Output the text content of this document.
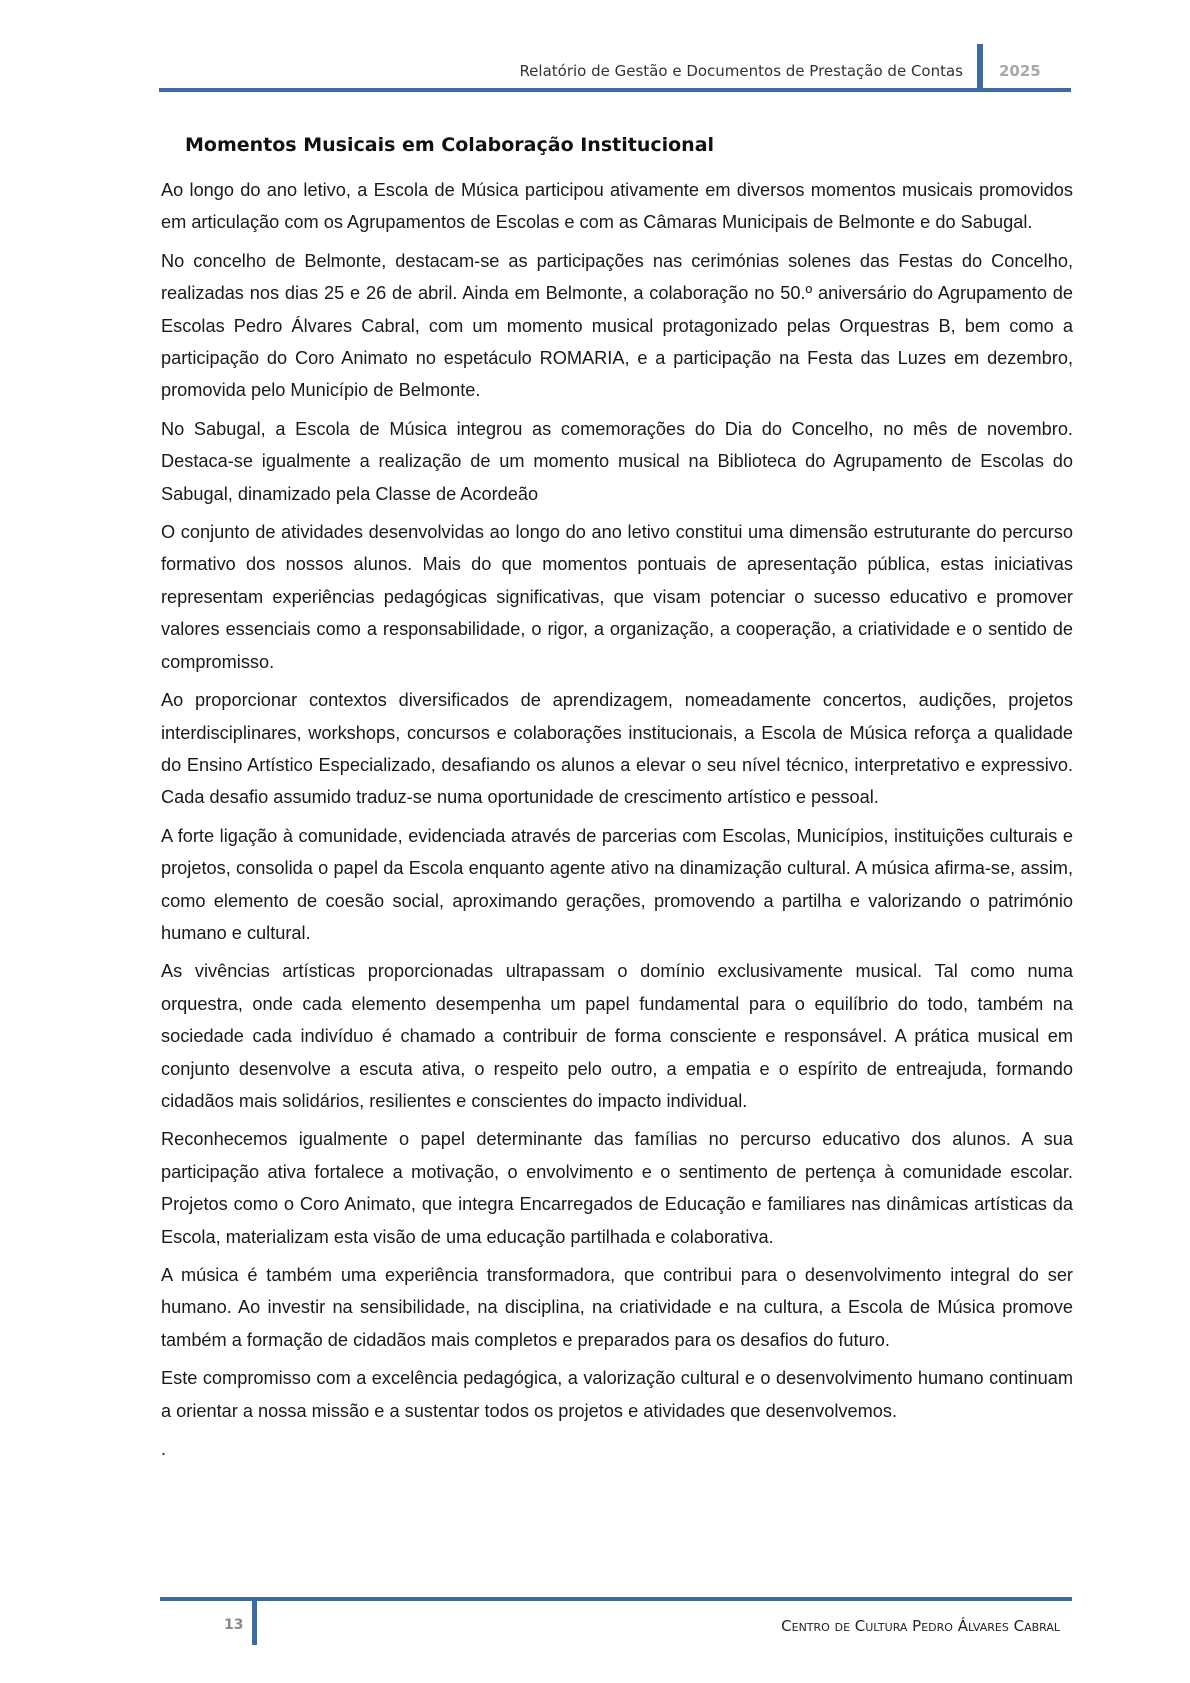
Relatório de Gestão e Documentos de Prestação de Contas 2025
Momentos Musicais em Colaboração Institucional

Ao longo do ano letivo, a Escola de Música participou ativamente em diversos momentos musicais promovidos em articulação com os Agrupamentos de Escolas e com as Câmaras Municipais de Belmonte e do Sabugal.

No concelho de Belmonte, destacam-se as participações nas cerimónias solenes das Festas do Concelho, realizadas nos dias 25 e 26 de abril. Ainda em Belmonte, a colaboração no 50.º aniversário do Agrupamento de Escolas Pedro Álvares Cabral, com um momento musical protagonizado pelas Orquestras B, bem como a participação do Coro Animato no espetáculo ROMARIA, e a participação na Festa das Luzes em dezembro, promovida pelo Município de Belmonte.

No Sabugal, a Escola de Música integrou as comemorações do Dia do Concelho, no mês de novembro. Destaca-se igualmente a realização de um momento musical na Biblioteca do Agrupamento de Escolas do Sabugal, dinamizado pela Classe de Acordeão

O conjunto de atividades desenvolvidas ao longo do ano letivo constitui uma dimensão estruturante do percurso formativo dos nossos alunos. Mais do que momentos pontuais de apresentação pública, estas iniciativas representam experiências pedagógicas significativas, que visam potenciar o sucesso educativo e promover valores essenciais como a responsabilidade, o rigor, a organização, a cooperação, a criatividade e o sentido de compromisso.

Ao proporcionar contextos diversificados de aprendizagem, nomeadamente concertos, audições, projetos interdisciplinares, workshops, concursos e colaborações institucionais, a Escola de Música reforça a qualidade do Ensino Artístico Especializado, desafiando os alunos a elevar o seu nível técnico, interpretativo e expressivo. Cada desafio assumido traduz-se numa oportunidade de crescimento artístico e pessoal.

A forte ligação à comunidade, evidenciada através de parcerias com Escolas, Municípios, instituições culturais e projetos, consolida o papel da Escola enquanto agente ativo na dinamização cultural. A música afirma-se, assim, como elemento de coesão social, aproximando gerações, promovendo a partilha e valorizando o património humano e cultural.

As vivências artísticas proporcionadas ultrapassam o domínio exclusivamente musical. Tal como numa orquestra, onde cada elemento desempenha um papel fundamental para o equilíbrio do todo, também na sociedade cada indivíduo é chamado a contribuir de forma consciente e responsável. A prática musical em conjunto desenvolve a escuta ativa, o respeito pelo outro, a empatia e o espírito de entreajuda, formando cidadãos mais solidários, resilientes e conscientes do impacto individual.

Reconhecemos igualmente o papel determinante das famílias no percurso educativo dos alunos. A sua participação ativa fortalece a motivação, o envolvimento e o sentimento de pertença à comunidade escolar. Projetos como o Coro Animato, que integra Encarregados de Educação e familiares nas dinâmicas artísticas da Escola, materializam esta visão de uma educação partilhada e colaborativa.

A música é também uma experiência transformadora, que contribui para o desenvolvimento integral do ser humano. Ao investir na sensibilidade, na disciplina, na criatividade e na cultura, a Escola de Música promove também a formação de cidadãos mais completos e preparados para os desafios do futuro.

Este compromisso com a excelência pedagógica, a valorização cultural e o desenvolvimento humano continuam a orientar a nossa missão e a sustentar todos os projetos e atividades que desenvolvemos.

.

13	Centro de Cultura Pedro Álvares Cabral
